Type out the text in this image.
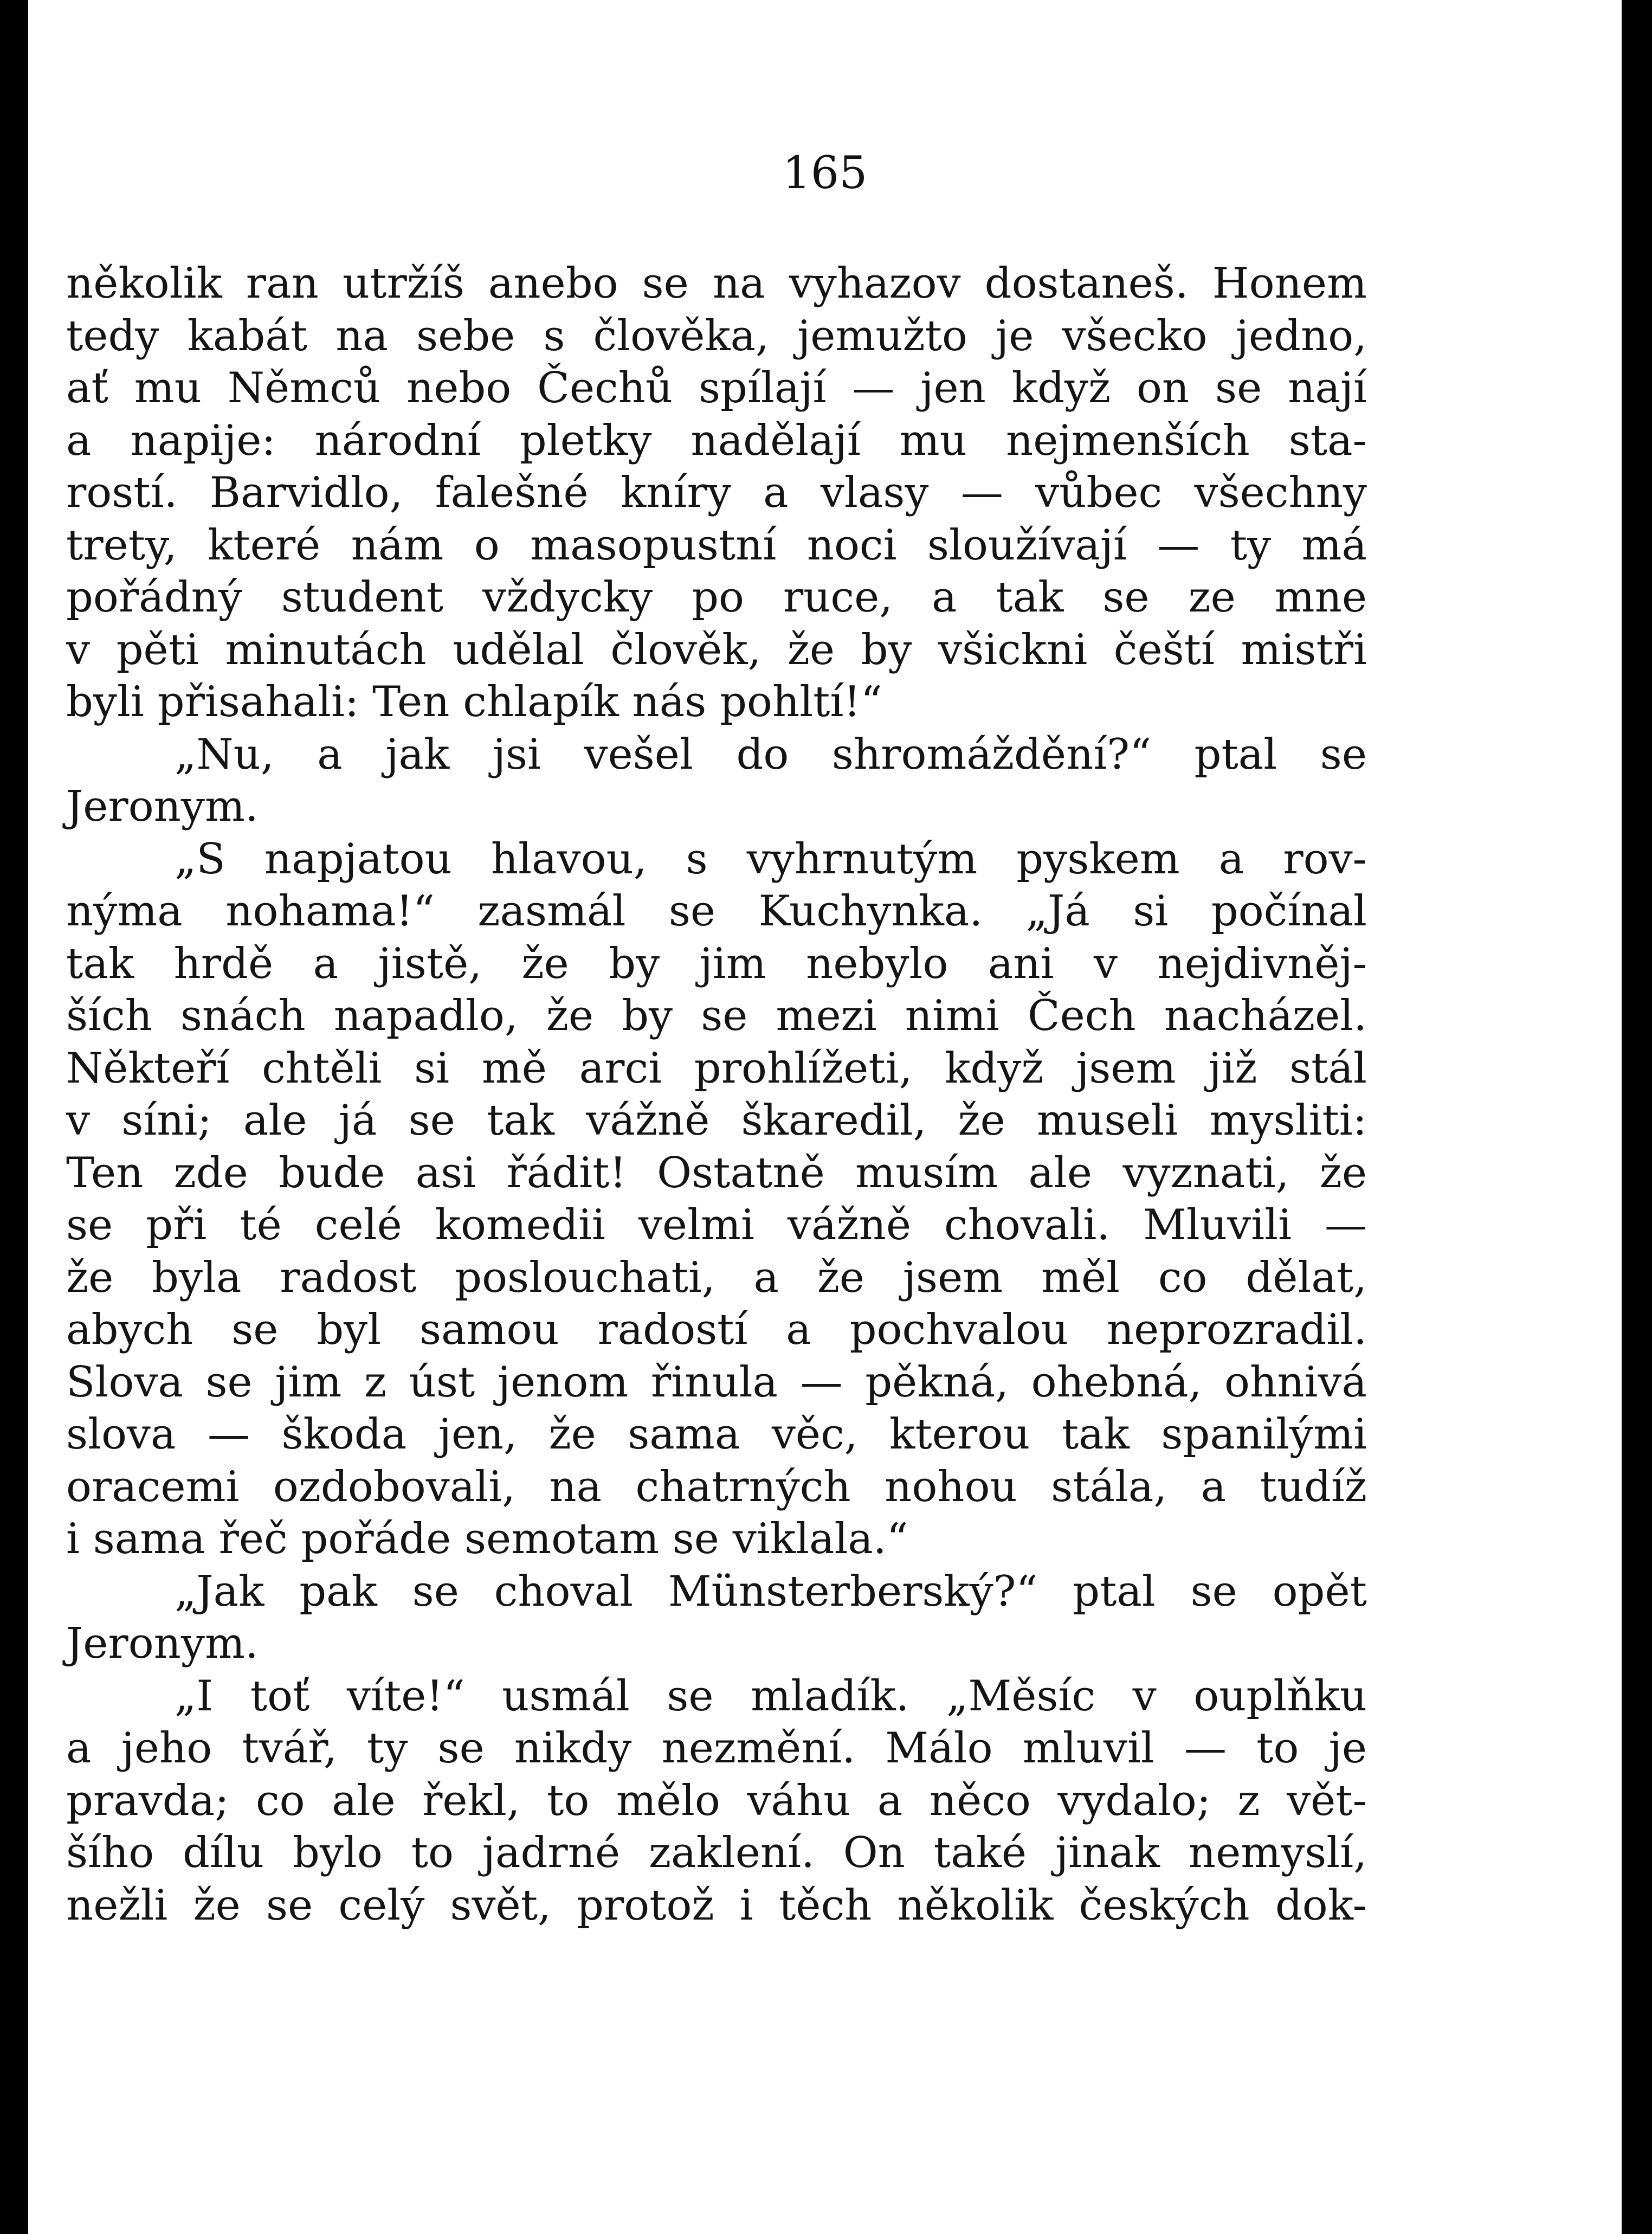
165
několik ran utržíš anebo se na vyhazov dostaneš. Honem
tedy kabát na sebe s člověka, jemužto je všecko jedno,
ať mu Němců nebo Čechů spílají — jen když on se nají
a napije: národní pletky nadělají mu nejmenších sta-
rostí. Barvidlo, falešné kníry a vlasy — vůbec všechny
trety, které nám o masopustní noci sloužívají — ty má
pořádný student vždycky po ruce, a tak se ze mne
v pěti minutách udělal člověk, že by všickni čeští mistři
byli přisahali: Ten chlapík nás pohltí!“
„Nu, a jak jsi vešel do shromáždění?“ ptal se
Jeronym.
„S napjatou hlavou, s vyhrnutým pyskem a rov-
nýma nohama!“ zasmál se Kuchynka. „Já si počínal
tak hrdě a jistě, že by jim nebylo ani v nejdivněj-
ších snách napadlo, že by se mezi nimi Čech nacházel.
Někteří chtěli si mě arci prohlížeti, když jsem již stál
v síni; ale já se tak vážně škaredil, že museli mysliti:
Ten zde bude asi řádit! Ostatně musím ale vyznati, že
se při té celé komedii velmi vážně chovali. Mluvili —
že byla radost poslouchati, a že jsem měl co dělat,
abych se byl samou radostí a pochvalou neprozradil.
Slova se jim z úst jenom řinula — pěkná, ohebná, ohnivá
slova — škoda jen, že sama věc, kterou tak spanilými
oracemi ozdobovali, na chatrných nohou stála, a tudíž
i sama řeč pořáde semotam se viklala.“
„Jak pak se choval Münsterberský?“ ptal se opět
Jeronym.
„I toť víte!“ usmál se mladík. „Měsíc v ouplňku
a jeho tvář, ty se nikdy nezmění. Málo mluvil — to je
pravda; co ale řekl, to mělo váhu a něco vydalo; z vět-
šího dílu bylo to jadrné zaklení. On také jinak nemyslí,
nežli že se celý svět, protož i těch několik českých dok-
